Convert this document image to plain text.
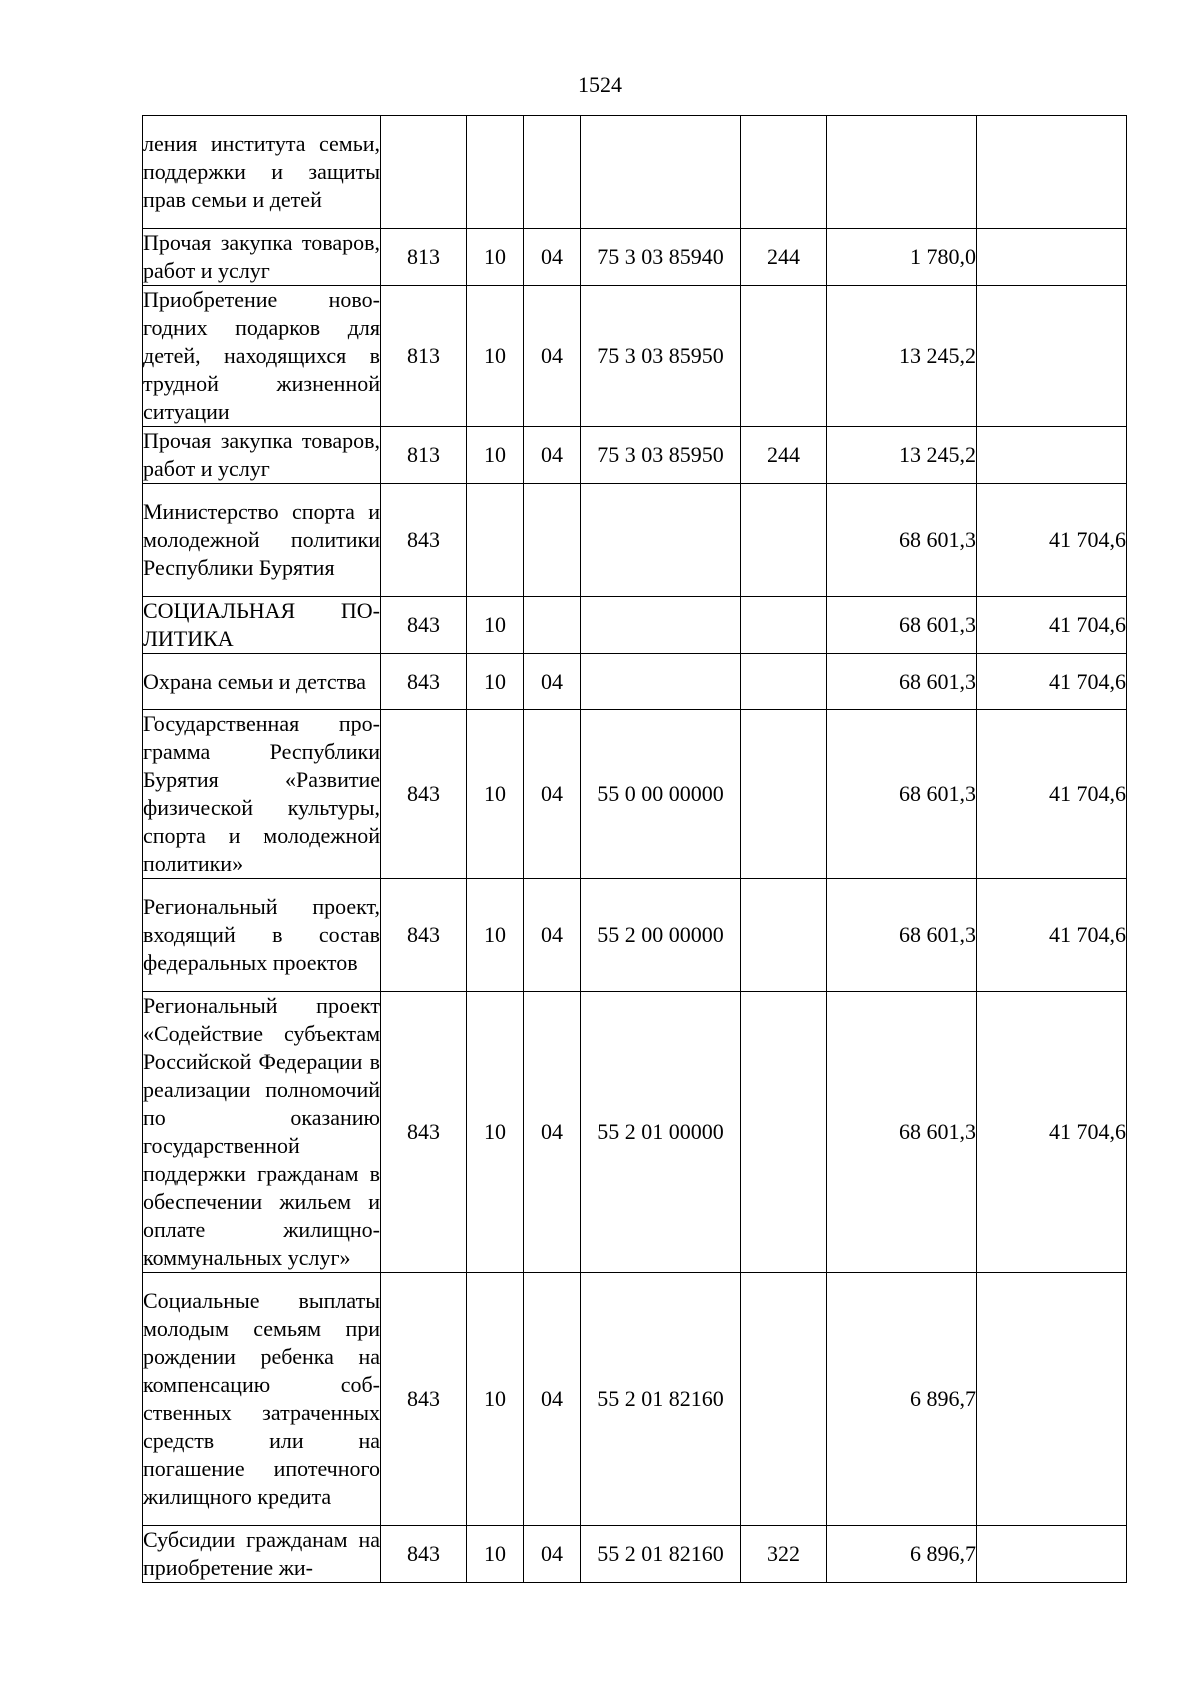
1524
ления института семьи, поддержки и защиты прав семьи и детей							
Прочая закупка товаров, работ и услуг	813	10	04	75 3 03 85940	244	1 780,0	
Приобретение новогодних подарков для детей, находящихся в трудной жизненной ситуации	813	10	04	75 3 03 85950		13 245,2	
Прочая закупка товаров, работ и услуг	813	10	04	75 3 03 85950	244	13 245,2	
Министерство спорта и молодежной политики Республики Бурятия	843					68 601,3	41 704,6
СОЦИАЛЬНАЯ ПОЛИТИКА	843	10				68 601,3	41 704,6
Охрана семьи и детства	843	10	04			68 601,3	41 704,6
Государственная программа Республики Бурятия «Развитие физической культуры, спорта и молодежной политики»	843	10	04	55 0 00 00000		68 601,3	41 704,6
Региональный проект, входящий в состав федеральных проектов	843	10	04	55 2 00 00000		68 601,3	41 704,6
Региональный проект «Содействие субъектам Российской Федерации в реализации полномочий по оказанию государственной поддержки гражданам в обеспечении жильем и оплате жилищно-коммунальных услуг»	843	10	04	55 2 01 00000		68 601,3	41 704,6
Социальные выплаты молодым семьям при рождении ребенка на компенсацию собственных затраченных средств или на погашение ипотечного жилищного кредита	843	10	04	55 2 01 82160		6 896,7	
Субсидии гражданам на приобретение жи-	843	10	04	55 2 01 82160	322	6 896,7	
